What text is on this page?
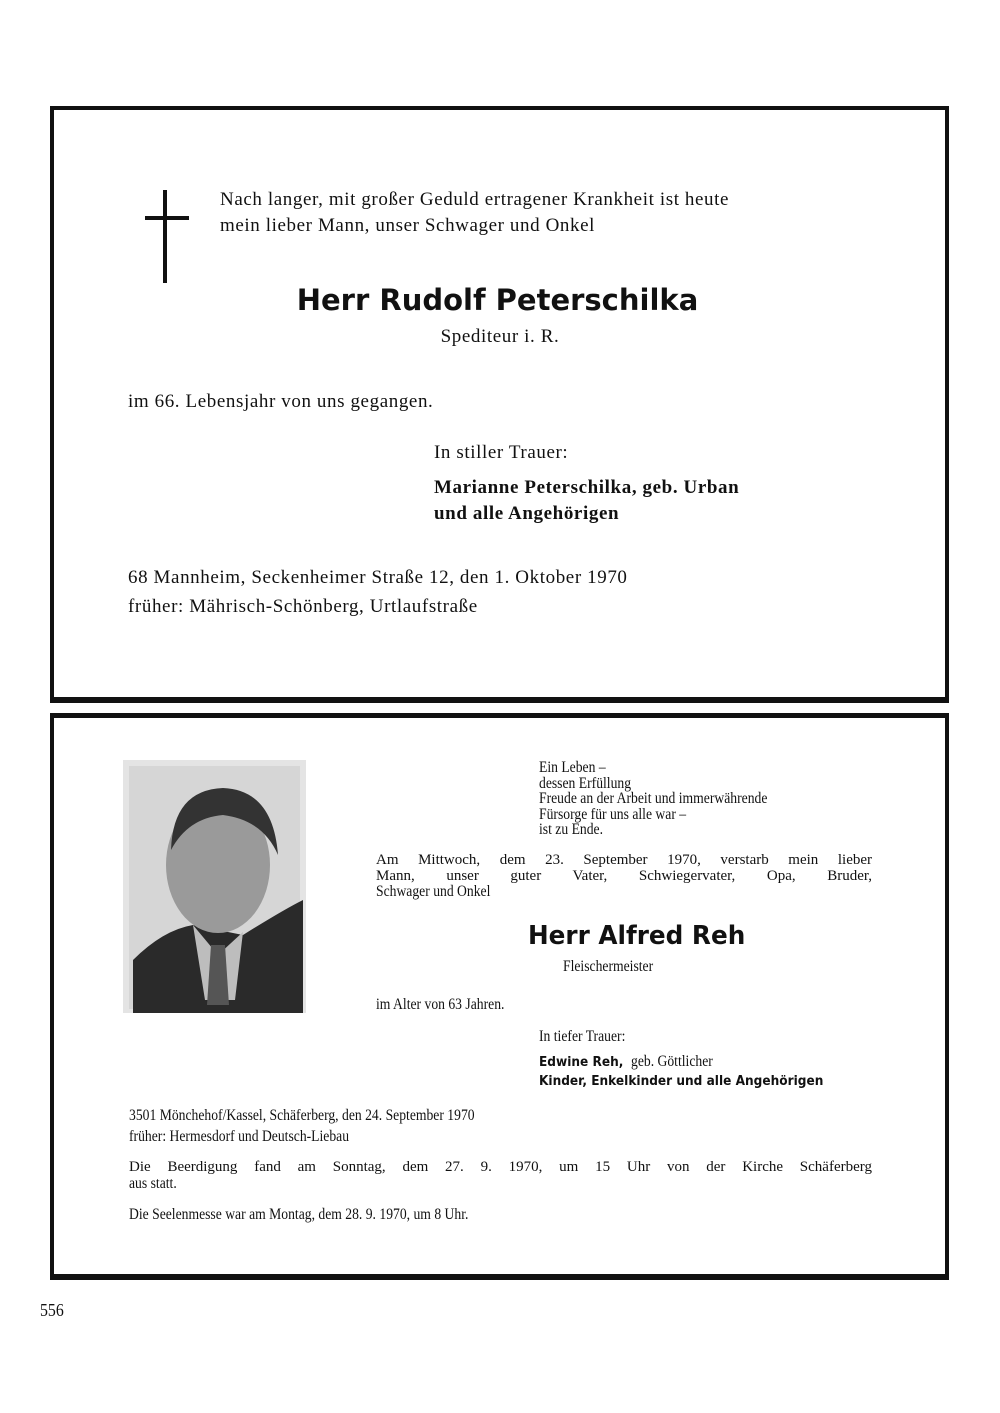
Nach langer, mit großer Geduld ertragener Krankheit ist heute
mein lieber Mann, unser Schwager und Onkel
Herr Rudolf Peterschilka
Spediteur i. R.
im 66. Lebensjahr von uns gegangen.
In stiller Trauer:
Marianne Peterschilka, geb. Urban
und alle Angehörigen
68 Mannheim, Seckenheimer Straße 12, den 1. Oktober 1970
früher: Mährisch-Schönberg, Urtlaufstraße
Ein Leben –
dessen Erfüllung
Freude an der Arbeit und immerwährende
Fürsorge für uns alle war –
ist zu Ende.
Am Mittwoch, dem 23. September 1970, verstarb mein lieber
Mann, unser guter Vater, Schwiegervater, Opa, Bruder,
Schwager und Onkel
Herr Alfred Reh
Fleischermeister
im Alter von 63 Jahren.
In tiefer Trauer:
Edwine Reh, geb. Göttlicher
Kinder, Enkelkinder und alle Angehörigen
3501 Mönchehof/Kassel, Schäferberg, den 24. September 1970
früher: Hermesdorf und Deutsch-Liebau
Die Beerdigung fand am Sonntag, dem 27. 9. 1970, um 15 Uhr von der Kirche Schäferberg
aus statt.
Die Seelenmesse war am Montag, dem 28. 9. 1970, um 8 Uhr.
556
